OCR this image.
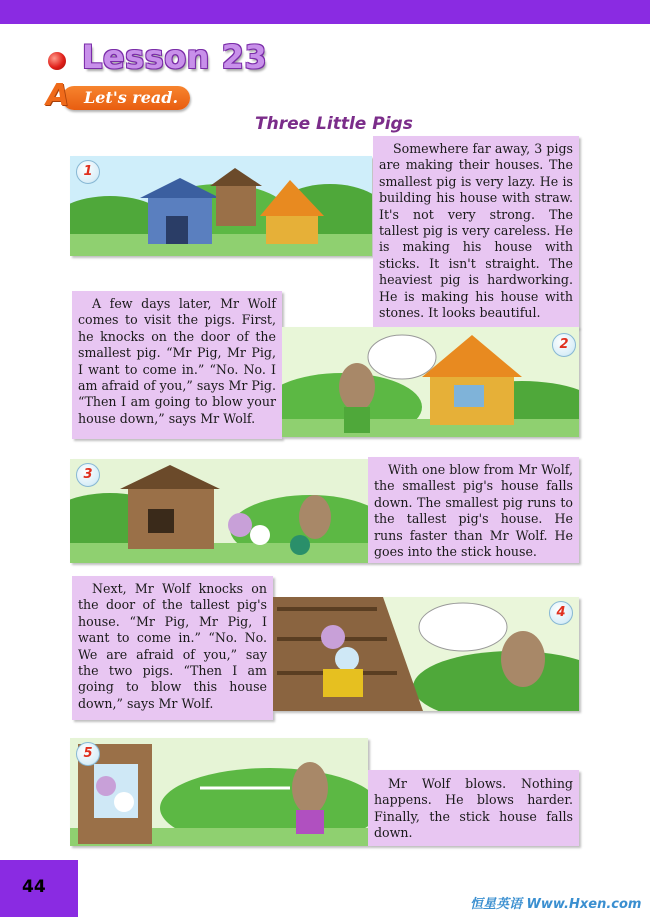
Lesson 23
A Let's read.
Three Little Pigs
1

Somewhere far away, 3 pigs are making their houses. The smallest pig is very lazy. He is building his house with straw. It's not very strong. The tallest pig is very careless. He is making his house with sticks. It isn't straight. The heaviest pig is hardworking. He is making his house with stones. It looks beautiful.

A few days later, Mr Wolf comes to visit the pigs. First, he knocks on the door of the smallest pig. “Mr Pig, Mr Pig, I want to come in.” “No. No. I am afraid of you,” says Mr Pig. “Then I am going to blow your house down,” says Mr Wolf.

2
3	With one blow from Mr Wolf, the smallest pig's house falls down. The smallest pig runs to the tallest pig's house. He runs faster than Mr Wolf. He goes into the stick house.

Next, Mr Wolf knocks on the door of the tallest pig's house. “Mr Pig, Mr Pig, I want to come in.” “No. No. We are afraid of you,” say the two pigs. “Then I am going to blow this house down,” says Mr Wolf.

4
5

Mr Wolf blows. Nothing happens. He blows harder. Finally, the stick house falls down.

44
恒星英语 Www.Hxen.com
